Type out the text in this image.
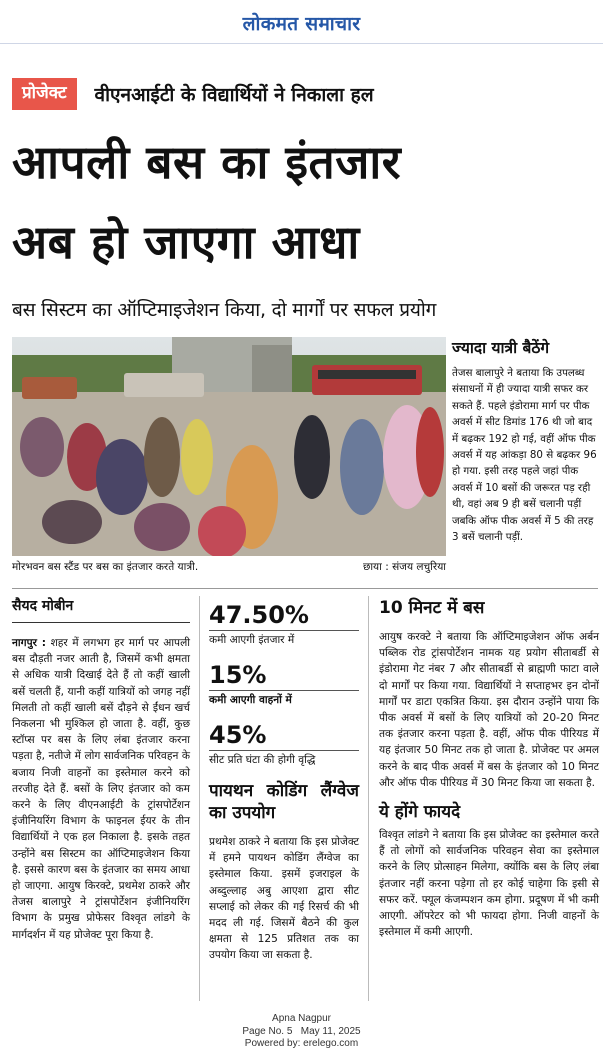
लोकमत समाचार
प्रोजेक्ट	वीएनआईटी के विद्यार्थियों ने निकाला हल
आपली बस का इंतजार
अब हो जाएगा आधा
बस सिस्टम का ऑप्टिमाइजेशन किया, दो मार्गों पर सफल प्रयोग
मोरभवन बस स्टैंड पर बस का इंतजार करते यात्री.	छाया : संजय लचुरिया
ज्यादा यात्री बैठेंगे

तेजस बालापुरे ने बताया कि उपलब्ध संसाधनों में ही ज्यादा यात्री सफर कर सकते हैं. पहले इंडोरामा मार्ग पर पीक अवर्स में सीट डिमांड 176 थी जो बाद में बढ़कर 192 हो गई, वहीं ऑफ पीक अवर्स में यह आंकड़ा 80 से बढ़कर 96 हो गया. इसी तरह पहले जहां पीक अवर्स में 10 बसों की जरूरत पड़ रही थी, वहां अब 9 ही बसें चलानी पड़ीं जबकि ऑफ पीक अवर्स में 5 की तरह 3 बसें चलानी पड़ीं.

सैयद मोबीन

नागपुर : शहर में लगभग हर मार्ग पर आपली बस दौड़ती नजर आती है, जिसमें कभी क्षमता से अधिक यात्री दिखाई देते हैं तो कहीं खाली बसें चलती हैं, यानी कहीं यात्रियों को जगह नहीं मिलती तो कहीं खाली बसें दौड़ने से ईंधन खर्च निकलना भी मुश्किल हो जाता है. वहीं, कुछ स्टॉप्स पर बस के लिए लंबा इंतजार करना पड़ता है, नतीजे में लोग सार्वजनिक परिवहन के बजाय निजी वाहनों का इस्तेमाल करने को तरजीह देते हैं. बसों के लिए इंतजार को कम करने के लिए वीएनआईटी के ट्रांसपोर्टेशन इंजीनियरिंग विभाग के फाइनल ईयर के तीन विद्यार्थियों ने एक हल निकाला है. इसके तहत उन्होंने बस सिस्टम का ऑप्टिमाइजेशन किया है. इससे कारण बस के इंतजार का समय आधा हो जाएगा. आयुष किरक्टे, प्रथमेश ठाकरे और तेजस बालापुरे ने ट्रांसपोर्टेशन इंजीनियरिंग विभाग के प्रमुख प्रोफेसर विश्वृत लांडगे के मार्गदर्शन में यह प्रोजेक्ट पूरा किया है.

47.50%
कमी आएगी इंतजार में
15%
कमी आएगी वाहनों में
45%
सीट प्रति घंटा की होगी वृद्धि
पायथन कोडिंग लैंग्वेज का उपयोग

प्रथमेश ठाकरे ने बताया कि इस प्रोजेक्ट में हमने पायथन कोडिंग लैंग्वेज का इस्तेमाल किया. इसमें इजराइल के अब्दुल्लाह अबु आएशा द्वारा सीट सप्लाई को लेकर की गई रिसर्च की भी मदद ली गई. जिसमें बैठने की कुल क्षमता से 125 प्रतिशत तक का उपयोग किया जा सकता है.

10 मिनट में बस

आयुष करक्टे ने बताया कि ऑप्टिमाइजेशन ऑफ अर्बन पब्लिक रोड ट्रांसपोर्टेशन नामक यह प्रयोग सीताबर्डी से इंडोरामा गेट नंबर 7 और सीताबर्डी से ब्राह्मणी फाटा वाले दो मार्गों पर किया गया. विद्यार्थियों ने सप्ताहभर इन दोनों मार्गों पर डाटा एकत्रित किया. इस दौरान उन्होंने पाया कि पीक अवर्स में बसों के लिए यात्रियों को 20-20 मिनट तक इंतजार करना पड़ता है. वहीं, ऑफ पीक पीरियड में यह इंतजार 50 मिनट तक हो जाता है. प्रोजेक्ट पर अमल करने के बाद पीक अवर्स में बस के इंतजार को 10 मिनट और ऑफ पीक पीरियड में 30 मिनट किया जा सकता है.

ये होंगे फायदे

विश्वृत लांडगे ने बताया कि इस प्रोजेक्ट का इस्तेमाल करते हैं तो लोगों को सार्वजनिक परिवहन सेवा का इस्तेमाल करने के लिए प्रोत्साहन मिलेगा, क्योंकि बस के लिए लंबा इंतजार नहीं करना पड़ेगा तो हर कोई चाहेगा कि इसी से सफर करें. फ्यूल कंजम्पशन कम होगा. प्रदूषण में भी कमी आएगी. ऑपरेटर को भी फायदा होगा. निजी वाहनों के इस्तेमाल में कमी आएगी.

Apna Nagpur
Page No. 5 May 11, 2025
Powered by: erelego.com
